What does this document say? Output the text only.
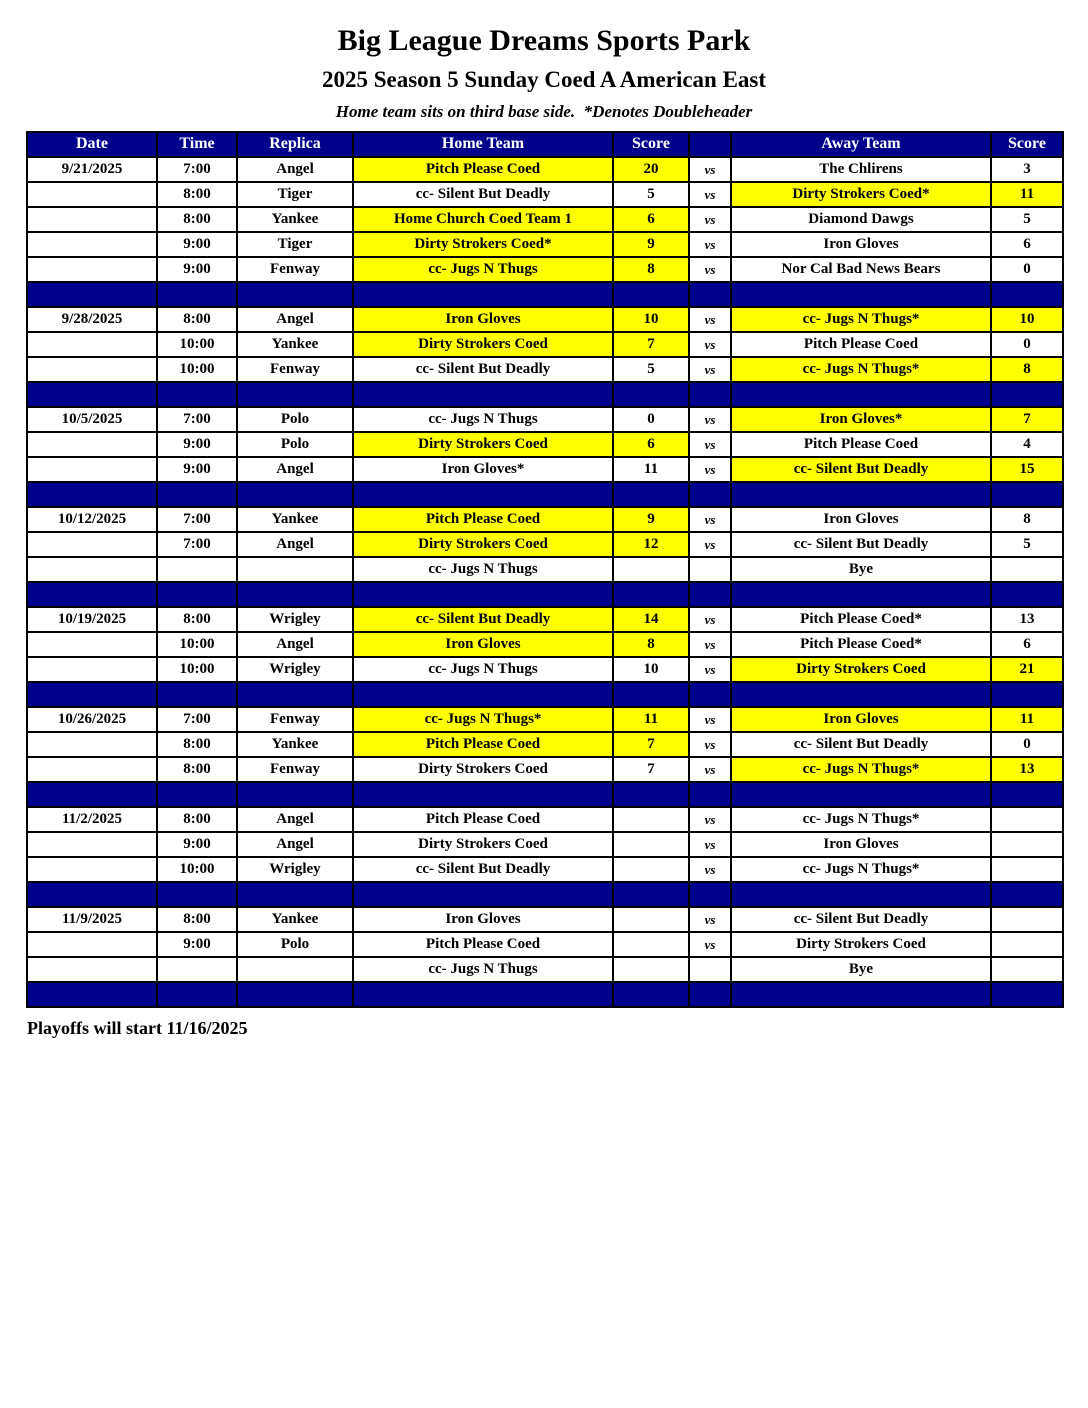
Big League Dreams Sports Park
2025 Season 5 Sunday Coed A American East
Home team sits on third base side.  *Denotes Doubleheader
Date	Time	Replica	Home Team	Score		Away Team	Score
9/21/2025	7:00	Angel	Pitch Please Coed	20	vs	The Chlirens	3
	8:00	Tiger	cc- Silent But Deadly	5	vs	Dirty Strokers Coed*	11
	8:00	Yankee	Home Church Coed Team 1	6	vs	Diamond Dawgs	5
	9:00	Tiger	Dirty Strokers Coed*	9	vs	Iron Gloves	6
	9:00	Fenway	cc- Jugs N Thugs	8	vs	Nor Cal Bad News Bears	0

9/28/2025	8:00	Angel	Iron Gloves	10	vs	cc- Jugs N Thugs*	10
	10:00	Yankee	Dirty Strokers Coed	7	vs	Pitch Please Coed	0
	10:00	Fenway	cc- Silent But Deadly	5	vs	cc- Jugs N Thugs*	8

10/5/2025	7:00	Polo	cc- Jugs N Thugs	0	vs	Iron Gloves*	7
	9:00	Polo	Dirty Strokers Coed	6	vs	Pitch Please Coed	4
	9:00	Angel	Iron Gloves*	11	vs	cc- Silent But Deadly	15

10/12/2025	7:00	Yankee	Pitch Please Coed	9	vs	Iron Gloves	8
	7:00	Angel	Dirty Strokers Coed	12	vs	cc- Silent But Deadly	5
			cc- Jugs N Thugs			Bye	

10/19/2025	8:00	Wrigley	cc- Silent But Deadly	14	vs	Pitch Please Coed*	13
	10:00	Angel	Iron Gloves	8	vs	Pitch Please Coed*	6
	10:00	Wrigley	cc- Jugs N Thugs	10	vs	Dirty Strokers Coed	21

10/26/2025	7:00	Fenway	cc- Jugs N Thugs*	11	vs	Iron Gloves	11
	8:00	Yankee	Pitch Please Coed	7	vs	cc- Silent But Deadly	0
	8:00	Fenway	Dirty Strokers Coed	7	vs	cc- Jugs N Thugs*	13

11/2/2025	8:00	Angel	Pitch Please Coed		vs	cc- Jugs N Thugs*	
	9:00	Angel	Dirty Strokers Coed		vs	Iron Gloves	
	10:00	Wrigley	cc- Silent But Deadly		vs	cc- Jugs N Thugs*	

11/9/2025	8:00	Yankee	Iron Gloves		vs	cc- Silent But Deadly	
	9:00	Polo	Pitch Please Coed		vs	Dirty Strokers Coed	
			cc- Jugs N Thugs			Bye	

Playoffs will start 11/16/2025
